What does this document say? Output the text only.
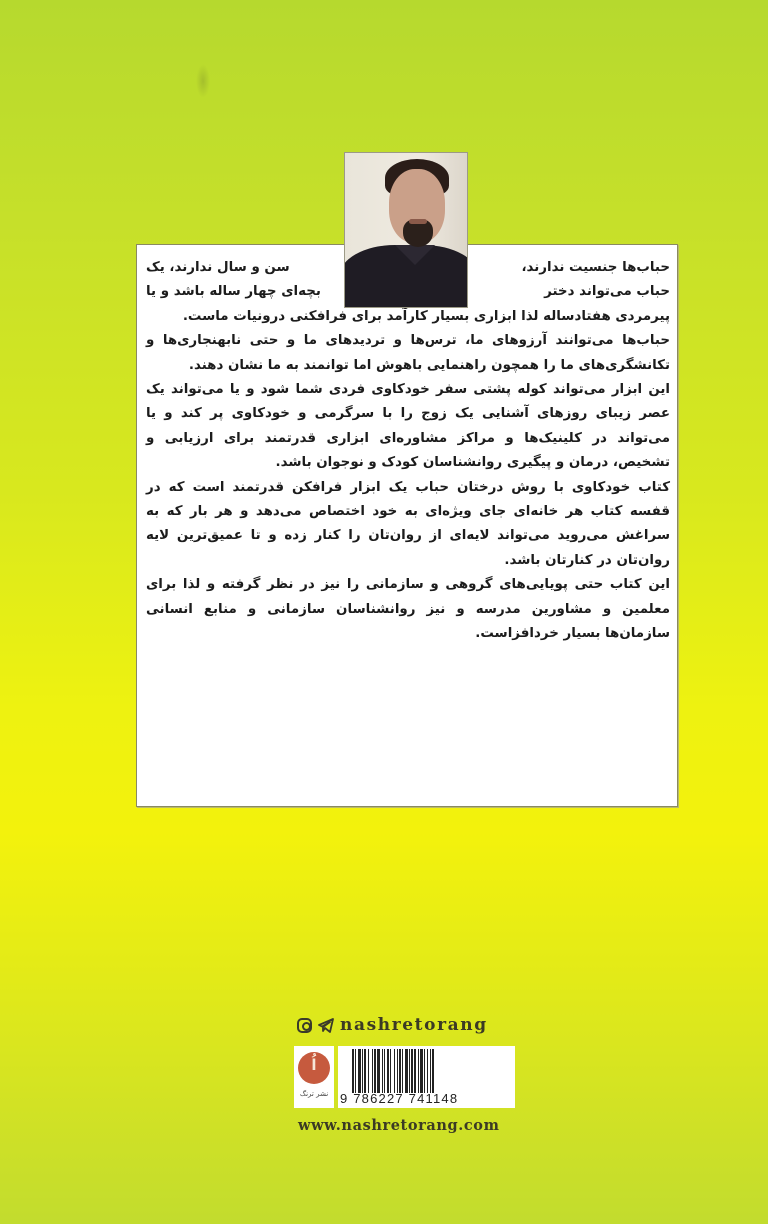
حباب‌ها جنسیت ندارند،
سن و سال ندارند، یک
حباب می‌تواند دختر
بچه‌ای چهار ساله باشد و یا

پیرمردی هفتادساله لذا ابزاری بسیار کارآمد برای فرافکنی درونیات ماست.

حباب‌ها می‌توانند آرزوهای ما، ترس‌ها و تردیدهای ما و حتی نابهنجاری‌ها و
تکانشگری‌های ما را همچون راهنمایی باهوش اما توانمند به ما نشان دهند.

این ابزار می‌تواند کوله پشتی سفر خودکاوی فردی شما شود و یا می‌تواند یک
عصر زیبای روزهای آشنایی یک زوج را با سرگرمی و خودکاوی پر کند و یا
می‌تواند در کلینیک‌ها و مراکز مشاوره‌ای ابزاری قدرتمند برای ارزیابی و
تشخیص، درمان و پیگیری روانشناسان کودک و نوجوان باشد.

کتاب خودکاوی با روش درختان حباب یک ابزار فرافکن قدرتمند است که در
قفسه کتاب هر خانه‌ای جای ویژه‌ای به خود اختصاص می‌دهد و هر بار که به
سراغش می‌روید می‌تواند لایه‌ای از روان‌تان را کنار زده و تا عمیق‌ترین لایه
روان‌تان در کنارتان باشد.

این کتاب حتی پویایی‌های گروهی و سازمانی را نیز در نظر گرفته و لذا برای
معلمین و مشاورین مدرسه و نیز روانشناسان سازمانی و منابع انسانی
سازمان‌ها بسیار خردافزاست.

nashretorang
اُ
نشر ترنگ 9 786227 741148
www.nashretorang.com
